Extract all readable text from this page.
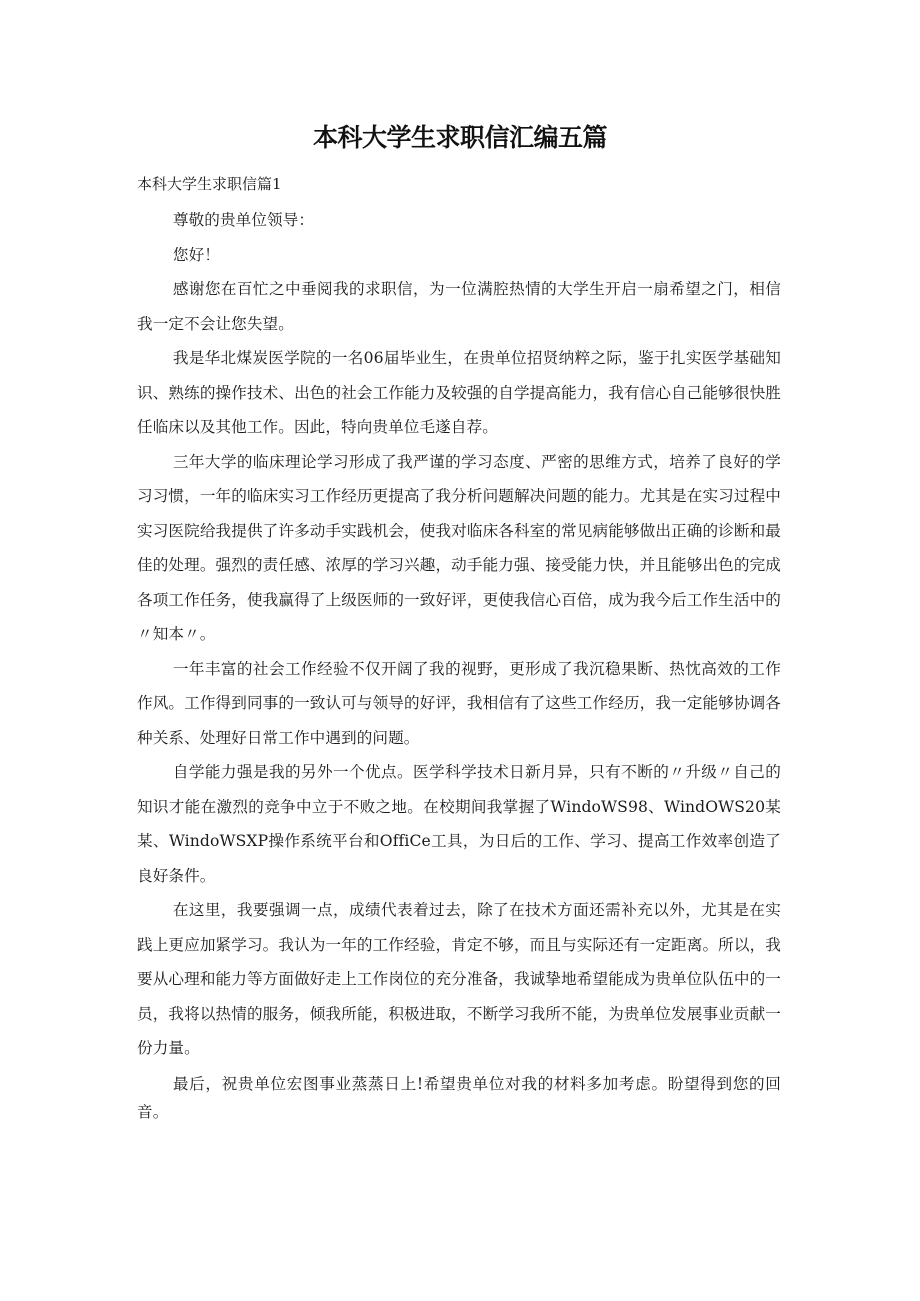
本科大学生求职信汇编五篇

本科大学生求职信篇1

尊敬的贵单位领导：

您好！

感谢您在百忙之中垂阅我的求职信，为一位满腔热情的大学生开启一扇希望之门，相信我一定不会让您失望。

我是华北煤炭医学院的一名06届毕业生，在贵单位招贤纳粹之际，鉴于扎实医学基础知识、熟练的操作技术、出色的社会工作能力及较强的自学提高能力，我有信心自己能够很快胜任临床以及其他工作。因此，特向贵单位毛遂自荐。

三年大学的临床理论学习形成了我严谨的学习态度、严密的思维方式，培养了良好的学习习惯，一年的临床实习工作经历更提高了我分析问题解决问题的能力。尤其是在实习过程中实习医院给我提供了许多动手实践机会，使我对临床各科室的常见病能够做出正确的诊断和最佳的处理。强烈的责任感、浓厚的学习兴趣，动手能力强、接受能力快，并且能够出色的完成各项工作任务，使我赢得了上级医师的一致好评，更使我信心百倍，成为我今后工作生活中的〃知本〃。

一年丰富的社会工作经验不仅开阔了我的视野，更形成了我沉稳果断、热忱高效的工作作风。工作得到同事的一致认可与领导的好评，我相信有了这些工作经历，我一定能够协调各种关系、处理好日常工作中遇到的问题。

自学能力强是我的另外一个优点。医学科学技术日新月异，只有不断的〃升级〃自己的知识才能在激烈的竞争中立于不败之地。在校期间我掌握了WindoWS98、WindOWS20某某、WindoWSXP操作系统平台和OffiCe工具，为日后的工作、学习、提高工作效率创造了良好条件。

在这里，我要强调一点，成绩代表着过去，除了在技术方面还需补充以外，尤其是在实践上更应加紧学习。我认为一年的工作经验，肯定不够，而且与实际还有一定距离。所以，我要从心理和能力等方面做好走上工作岗位的充分准备，我诚挚地希望能成为贵单位队伍中的一员，我将以热情的服务，倾我所能，积极进取，不断学习我所不能，为贵单位发展事业贡献一份力量。

最后，祝贵单位宏图事业蒸蒸日上!希望贵单位对我的材料多加考虑。盼望得到您的回音。
